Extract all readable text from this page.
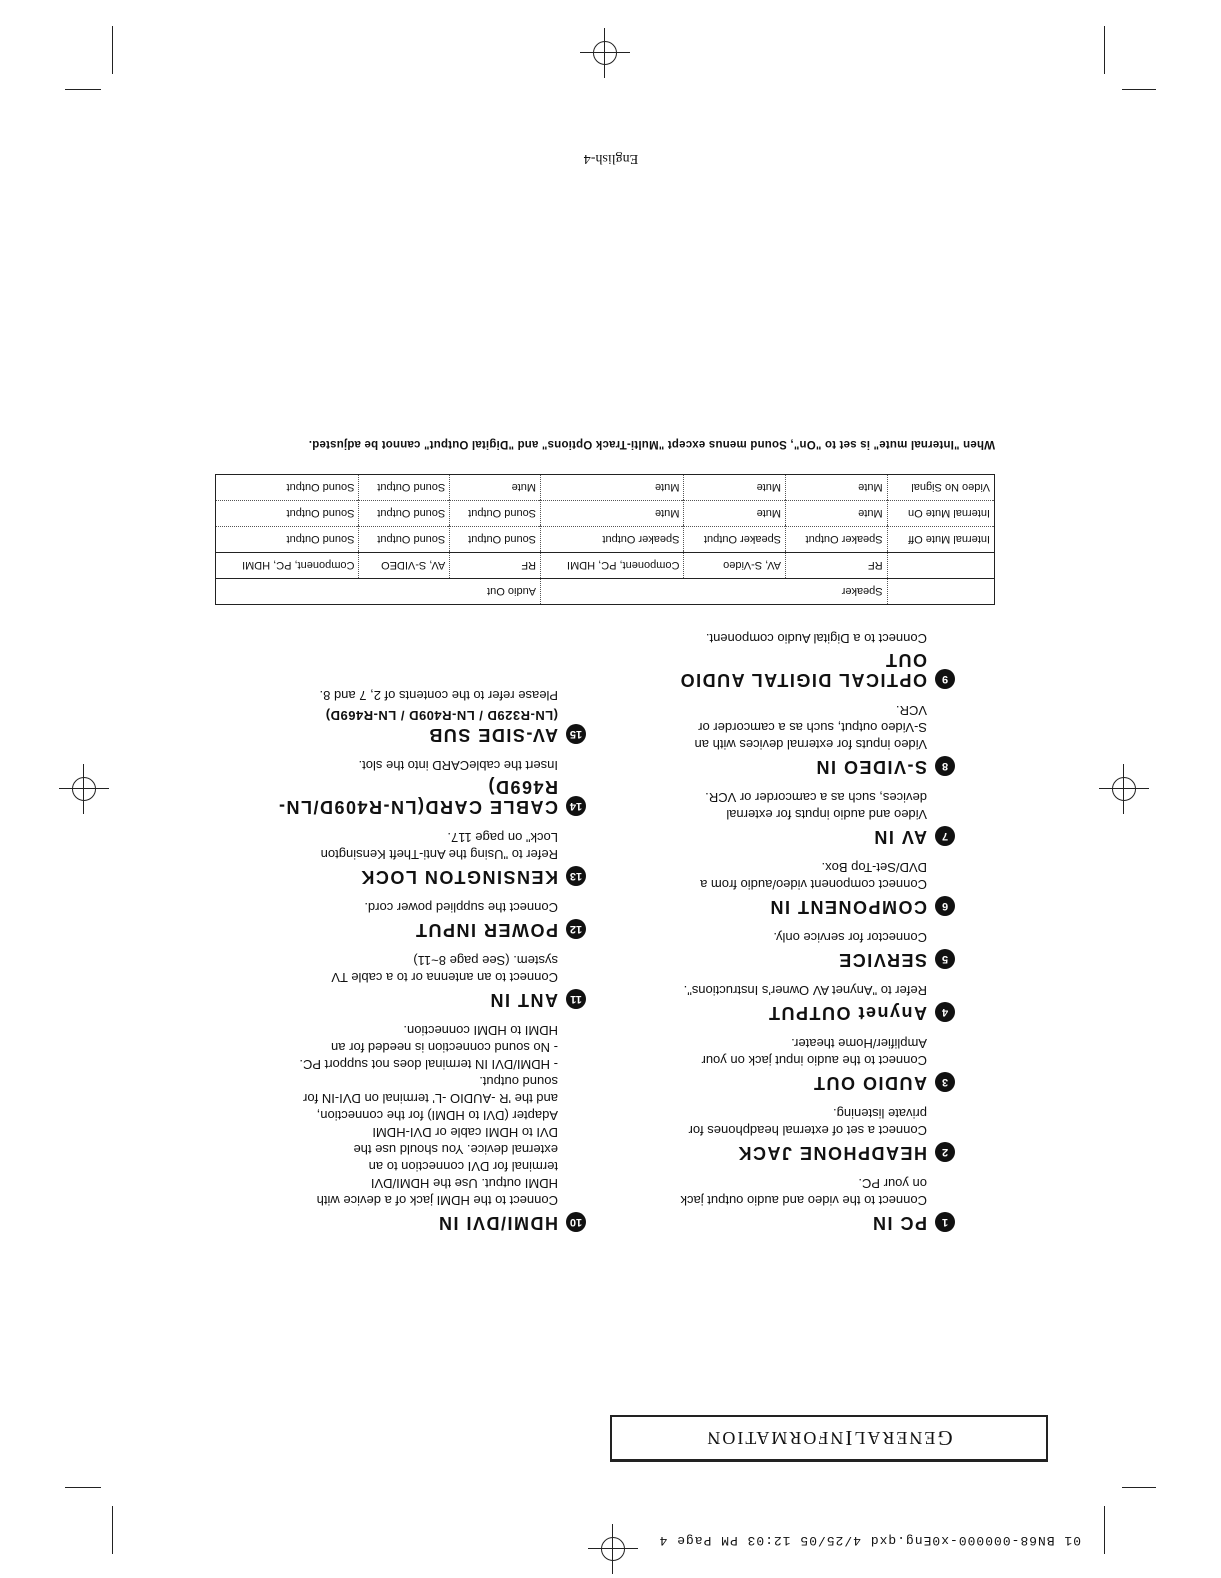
01 BN68-000000-x0Eng.qxd 4/25/05 12:03 PM Page 4
G
ENERAL
I
NFORMATION
1
PC IN
Connect to the video and audio output jack
on your PC.
2
HEADPHONE JACK
Connect a set of external headphones for
private listening.
3
AUDIO OUT
Connect to the audio input jack on your
Amplifier/Home theater.
4
Anynet OUTPUT
Refer to "Anynet AV Owner's Instructions".
5
SERVICE
Connector for service only.
6
COMPONENT IN
Connect component video/audio from a
DVD/Set-Top Box.
7
AV IN
Video and audio inputs for external
devices, such as a camcorder or VCR.
8
S-VIDEO IN
Video inputs for external devices with an
S-Video output, such as a camcorder or
VCR.
9
OPTICAL DIGITAL AUDIO
OUT
Connect to a Digital Audio component.
10
HDMI/DVI IN
Connect to the HDMI jack of a device with
HDMI output. Use the HDMI/DVI
terminal for DVI connection to an
external device. You should use the
DVI to HDMI cable or DVI-HDMI
Adapter (DVI to HDMI) for the connection,
and the 'R -AUDIO -L' terminal on DVI-IN for
sound output.
- HDMI/DVI IN terminal does not support PC.
- No sound connection is needed for an
HDMI to HDMI connection.
11
ANT IN
Connect to an antenna or to a cable TV
system. (See page 8~11)
12
POWER INPUT
Connect the supplied power cord.
13
KENSINGTON LOCK
Refer to "Using the Anti-Theft Kensington
Lock" on page 117.
14
CABLE CARD(LN-R409D/LN-R469D)
Insert the cableCARD into the slot.
15
AV-SIDE SUB
(LN-R329D / LN-R409D / LN-R469D)
Please refer to the contents of 2, 7 and 8.
	Speaker			Audio Out		
	RF	AV, S-Video	Component, PC, HDMI	RF	AV, S-VIDEO	Component, PC, HDMI
Internal Mute Off	Speaker Output	Speaker Output	Speaker Output	Sound Output	Sound Output	Sound Output
Internal Mute On	Mute	Mute	Mute	Sound Output	Sound Output	Sound Output
Video No Signal	Mute	Mute	Mute	Mute	Sound Output	Sound Output
When "Internal mute" is set to "On", Sound menus except "Multi-Track Options" and "Digital Output" cannot be adjusted.
English-4
